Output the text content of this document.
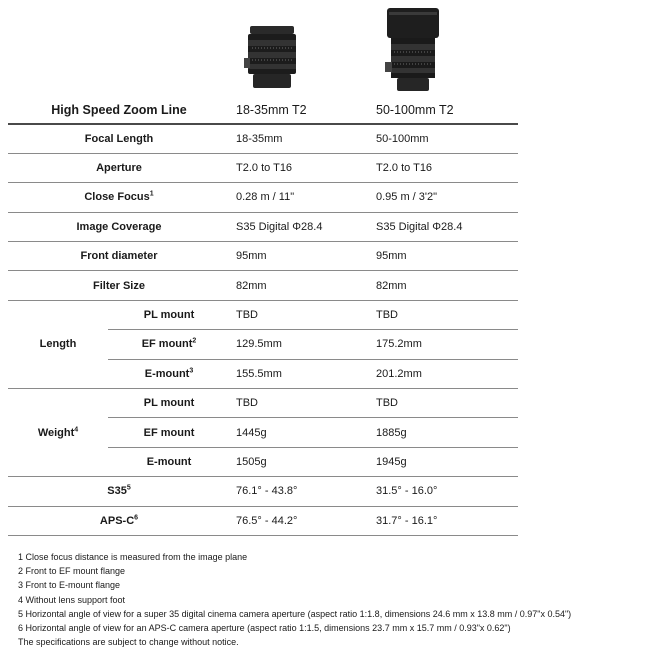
High Speed Zoom Line		18-35mm T2	50-100mm T2
Focal Length		18-35mm	50-100mm
Aperture		T2.0 to T16	T2.0 to T16
Close Focus$^1$		0.28 m / 11"	0.95 m / 3'2"
Image Coverage		S35 Digital Φ28.4	S35 Digital Φ28.4
Front diameter		95mm	95mm
Filter Size		82mm	82mm
Length	PL mount	TBD	TBD
	EF mount$^2$	129.5mm	175.2mm
	E-mount$^3$	155.5mm	201.2mm
Weight$^4$	PL mount	TBD	TBD
	EF mount	1445g	1885g
	E-mount	1505g	1945g
$S35^5$		76.1° - 43.8°	31.5° - 16.0°
APS-$C^6$		76.5° - 44.2°	31.7° - 16.1°
1 Close focus distance is measured from the image plane
2 Front to EF mount flange
3 Front to E-mount flange
4 Without lens support foot
5 Horizontal angle of view for a super 35 digital cinema camera aperture (aspect ratio 1:1.8, dimensions 24.6 mm x 13.8 mm / 0.97"x 0.54")
6 Horizontal angle of view for an APS-C camera aperture (aspect ratio 1:1.5, dimensions 23.7 mm x 15.7 mm / 0.93"x 0.62")
The specifications are subject to change without notice.
